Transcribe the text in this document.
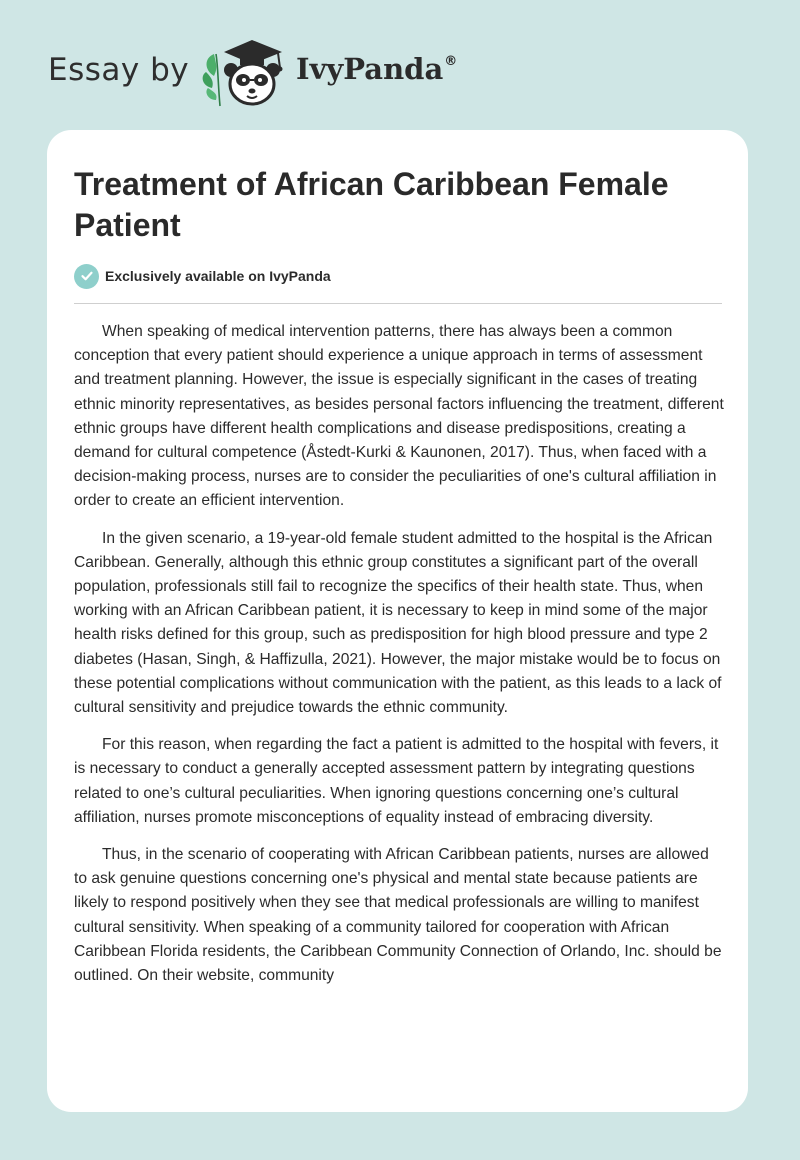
Essay by	IvyPanda®
Treatment of African Caribbean Female Patient
Exclusively available on IvyPanda

When speaking of medical intervention patterns, there has always been a common conception that every patient should experience a unique approach in terms of assessment and treatment planning. However, the issue is especially significant in the cases of treating ethnic minority representatives, as besides personal factors influencing the treatment, different ethnic groups have different health complications and disease predispositions, creating a demand for cultural competence (Åstedt-Kurki & Kaunonen, 2017). Thus, when faced with a decision-making process, nurses are to consider the peculiarities of one's cultural affiliation in order to create an efficient intervention.

In the given scenario, a 19-year-old female student admitted to the hospital is the African Caribbean. Generally, although this ethnic group constitutes a significant part of the overall population, professionals still fail to recognize the specifics of their health state. Thus, when working with an African Caribbean patient, it is necessary to keep in mind some of the major health risks defined for this group, such as predisposition for high blood pressure and type 2 diabetes (Hasan, Singh, & Haffizulla, 2021). However, the major mistake would be to focus on these potential complications without communication with the patient, as this leads to a lack of cultural sensitivity and prejudice towards the ethnic community.

For this reason, when regarding the fact a patient is admitted to the hospital with fevers, it is necessary to conduct a generally accepted assessment pattern by integrating questions related to one’s cultural peculiarities. When ignoring questions concerning one’s cultural affiliation, nurses promote misconceptions of equality instead of embracing diversity.

Thus, in the scenario of cooperating with African Caribbean patients, nurses are allowed to ask genuine questions concerning one's physical and mental state because patients are likely to respond positively when they see that medical professionals are willing to manifest cultural sensitivity. When speaking of a community tailored for cooperation with African Caribbean Florida residents, the Caribbean Community Connection of Orlando, Inc. should be outlined. On their website, community
